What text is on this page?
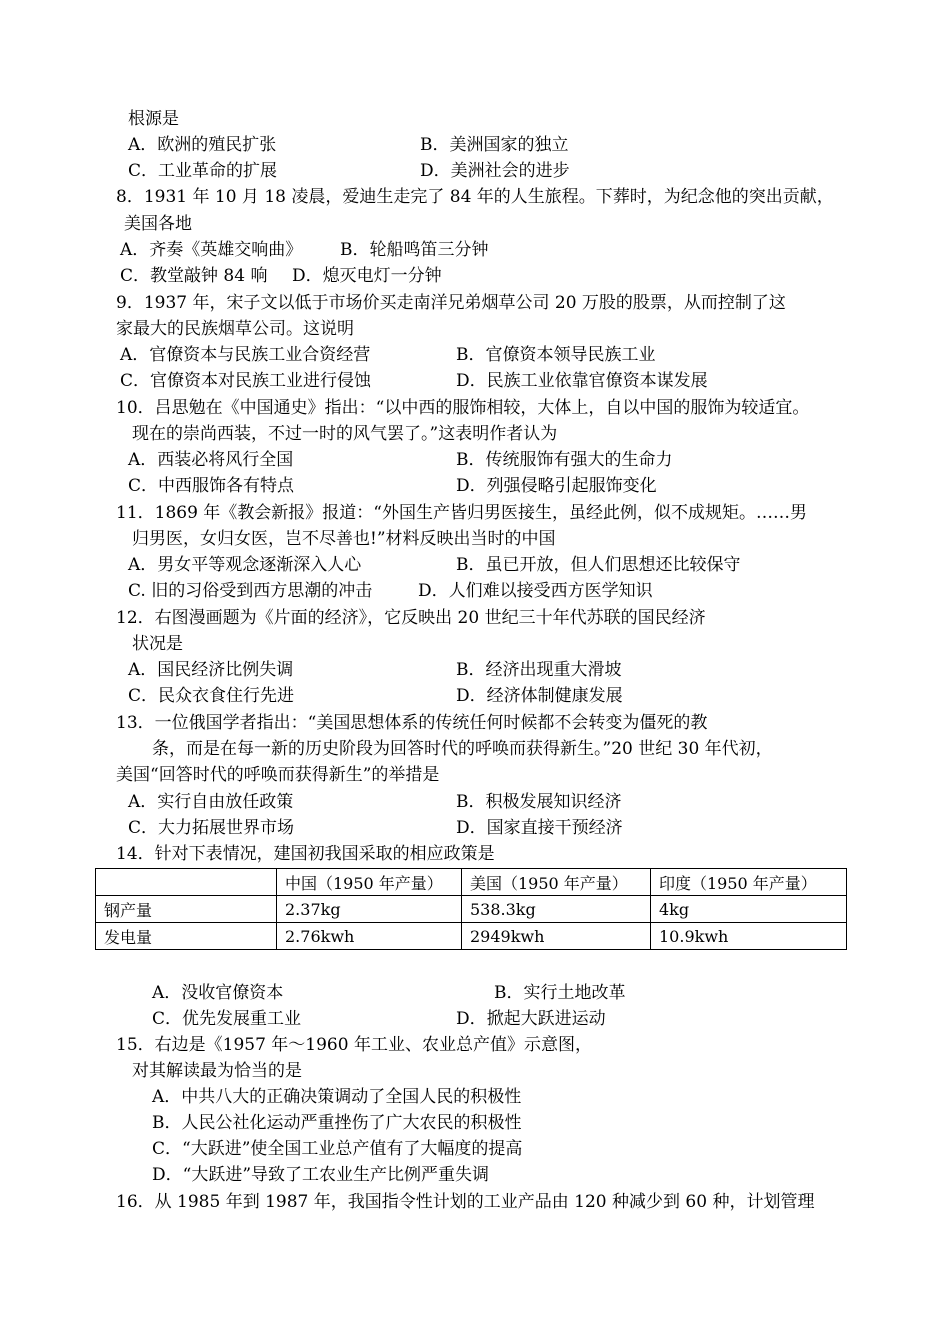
根源是
A．欧洲的殖民扩张	B．美洲国家的独立
C．工业革命的扩展	D．美洲社会的进步
8．1931 年 10 月 18 凌晨，爱迪生走完了 84 年的人生旅程。下葬时，为纪念他的突出贡献，
美国各地
A．齐奏《英雄交响曲》 B．轮船鸣笛三分钟
C．教堂敲钟 84 响 D．熄灭电灯一分钟
9．1937 年，宋子文以低于市场价买走南洋兄弟烟草公司 20 万股的股票，从而控制了这
家最大的民族烟草公司。这说明
A．官僚资本与民族工业合资经营	B．官僚资本领导民族工业
C．官僚资本对民族工业进行侵蚀	D．民族工业依靠官僚资本谋发展
10．吕思勉在《中国通史》指出：“以中西的服饰相较，大体上，自以中国的服饰为较适宜。
现在的崇尚西装，不过一时的风气罢了。”这表明作者认为
A．西装必将风行全国	B．传统服饰有强大的生命力
C．中西服饰各有特点	D．列强侵略引起服饰变化
11．1869 年《教会新报》报道：“外国生产皆归男医接生，虽经此例，似不成规矩。……男
归男医，女归女医，岂不尽善也!”材料反映出当时的中国
A．男女平等观念逐渐深入人心	B．虽已开放，但人们思想还比较保守
C. 旧的习俗受到西方思潮的冲击	D．人们难以接受西方医学知识
12．右图漫画题为《片面的经济》，它反映出 20 世纪三十年代苏联的国民经济
状况是
A．国民经济比例失调	B．经济出现重大滑坡
C．民众衣食住行先进	D．经济体制健康发展
13．一位俄国学者指出：“美国思想体系的传统任何时候都不会转变为僵死的教
条，而是在每一新的历史阶段为回答时代的呼唤而获得新生。”20 世纪 30 年代初，
美国“回答时代的呼唤而获得新生”的举措是
A．实行自由放任政策	B．积极发展知识经济
C．大力拓展世界市场	D．国家直接干预经济
14．针对下表情况，建国初我国采取的相应政策是
	中国（1950 年产量）	美国（1950 年产量）	印度（1950 年产量）
钢产量	2.37kg	538.3kg	4kg
发电量	2.76kwh	2949kwh	10.9kwh
A．没收官僚资本	B．实行土地改革
C．优先发展重工业	D．掀起大跃进运动
15．右边是《1957 年～1960 年工业、农业总产值》示意图，
对其解读最为恰当的是
A．中共八大的正确决策调动了全国人民的积极性
B．人民公社化运动严重挫伤了广大农民的积极性
C．“大跃进”使全国工业总产值有了大幅度的提高
D．“大跃进”导致了工农业生产比例严重失调
16．从 1985 年到 1987 年，我国指令性计划的工业产品由 120 种减少到 60 种，计划管理
